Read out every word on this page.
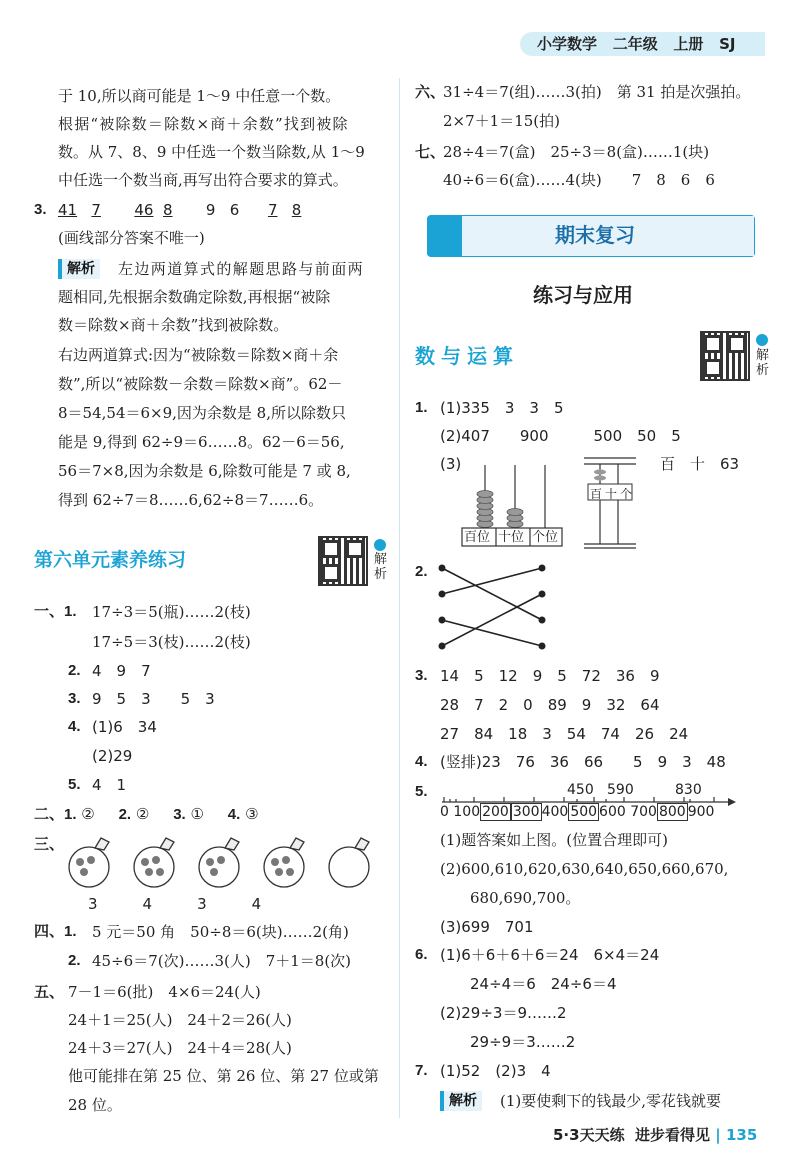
小学数学 二年级 上册 SJ
于 10,所以商可能是 1～9 中任意一个数。
根据“被除数＝除数×商＋余数”找到被除
数。从 7、8、9 中任选一个数当除数,从 1～9
中任选一个数当商,再写出符合要求的算式。
3. 41 7 46 8 9 6 7 8
(画线部分答案不唯一)
解析	左边两道算式的解题思路与前面两
题相同,先根据余数确定除数,再根据“被除
数＝除数×商＋余数”找到被除数。
右边两道算式:因为“被除数＝除数×商＋余
数”,所以“被除数－余数＝除数×商”。62－
8＝54,54＝6×9,因为余数是 8,所以除数只
能是 9,得到 62÷9＝6……8。62－6＝56,
56＝7×8,因为余数是 6,除数可能是 7 或 8,
得到 62÷7＝8……6,62÷8＝7……6。
第六单元素养练习	解析
一、1. 17÷3＝5(瓶)……2(枝)
17÷5＝3(枝)……2(枝)
2. 4　9　7
3. 9　5　3　　5　3
4. (1)6　34
(2)29
5. 4　1
二、1. ② 2. ② 3. ① 4. ③
三、
3　　　4　　　3　　　4
四、1. 5 元＝50 角　50÷8＝6(块)……2(角)
2. 45÷6＝7(次)……3(人)　7＋1＝8(次)
五、 7－1＝6(批)　4×6＝24(人)
24＋1＝25(人)　24＋2＝26(人)
24＋3＝27(人)　24＋4＝28(人)
他可能排在第 25 位、第 26 位、第 27 位或第
28 位。
六、
31÷4＝7(组)……3(拍)　第 31 拍是次强拍。
2×7＋1＝15(拍)
七、
28÷4＝7(盒)　25÷3＝8(盒)……1(块)
40÷6＝6(盒)……4(块)　　7　8　6　6
期末复习
练习与应用
数与运算	解析
1. (1)335　3　3　5
(2)407　　900　　　500　50　5
(3)
百位 十位 个位
百 十 个
百　十　63
2.
3. 14　5　12　9　5　72　36　9
28　7　2　0　89　9　32　64
27　84　18　3　54　74　26　24
4. (竖排)23　76　36　66　　5　9　3　48
5.	450 590	830
0 100 200 300 400 500 600 700 800 900
(1)题答案如上图。(位置合理即可)
(2)600,610,620,630,640,650,660,670,
680,690,700。
(3)699　701
6. (1)6＋6＋6＋6＝24　6×4＝24
24÷4＝6　24÷6＝4
(2)29÷3＝9……2
29÷9＝3……2
7. (1)52　(2)3　4
解析	(1)要使剩下的钱最少,零花钱就要
5·3天天练 进步看得见 | 135
